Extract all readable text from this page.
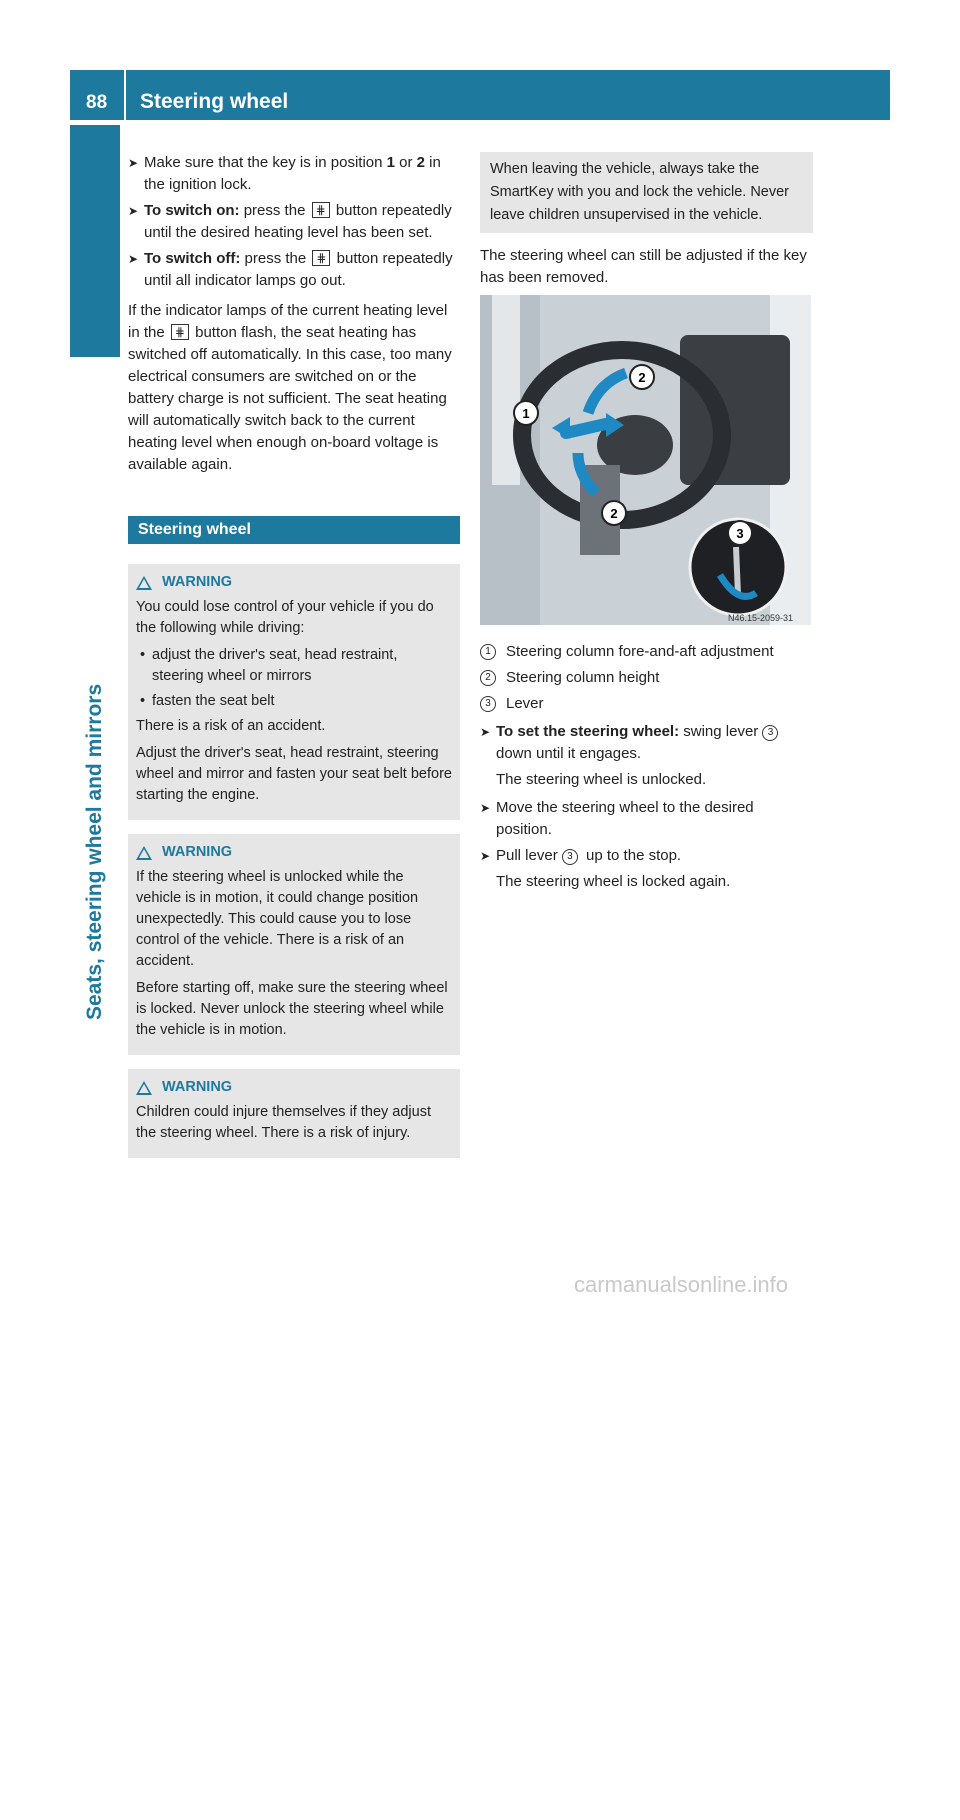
88 Steering wheel
Seats, steering wheel and mirrors
➤ Make sure that the key is in position 1 or 2 in the ignition lock.
➤ To switch on: press the ⋕ button repeatedly until the desired heating level has been set.
➤ To switch off: press the ⋕ button repeatedly until all indicator lamps go out.

If the indicator lamps of the current heating level in the ⋕ button flash, the seat heating has switched off automatically. In this case, too many electrical consumers are switched on or the battery charge is not sufficient. The seat heating will automatically switch back to the current heating level when enough on-board voltage is available again.

Steering wheel
WARNING

You could lose control of your vehicle if you do the following while driving:

• adjust the driver's seat, head restraint, steering wheel or mirrors
• fasten the seat belt

There is a risk of an accident.

Adjust the driver's seat, head restraint, steering wheel and mirror and fasten your seat belt before starting the engine.

WARNING

If the steering wheel is unlocked while the vehicle is in motion, it could change position unexpectedly. This could cause you to lose control of the vehicle. There is a risk of an accident.

Before starting off, make sure the steering wheel is locked. Never unlock the steering wheel while the vehicle is in motion.

WARNING

Children could injure themselves if they adjust the steering wheel. There is a risk of injury.

When leaving the vehicle, always take the SmartKey with you and lock the vehicle. Never leave children unsupervised in the vehicle.

The steering wheel can still be adjusted if the key has been removed.

2
1
2
3
N46.15-2059-31
1	Steering column fore-and-aft adjustment
2	Steering column height
3	Lever
➤ To set the steering wheel: swing lever 3 down until it engages.
The steering wheel is unlocked.
➤ Move the steering wheel to the desired position.
➤ Pull lever 3 up to the stop.
The steering wheel is locked again.
carmanualsonline.info
